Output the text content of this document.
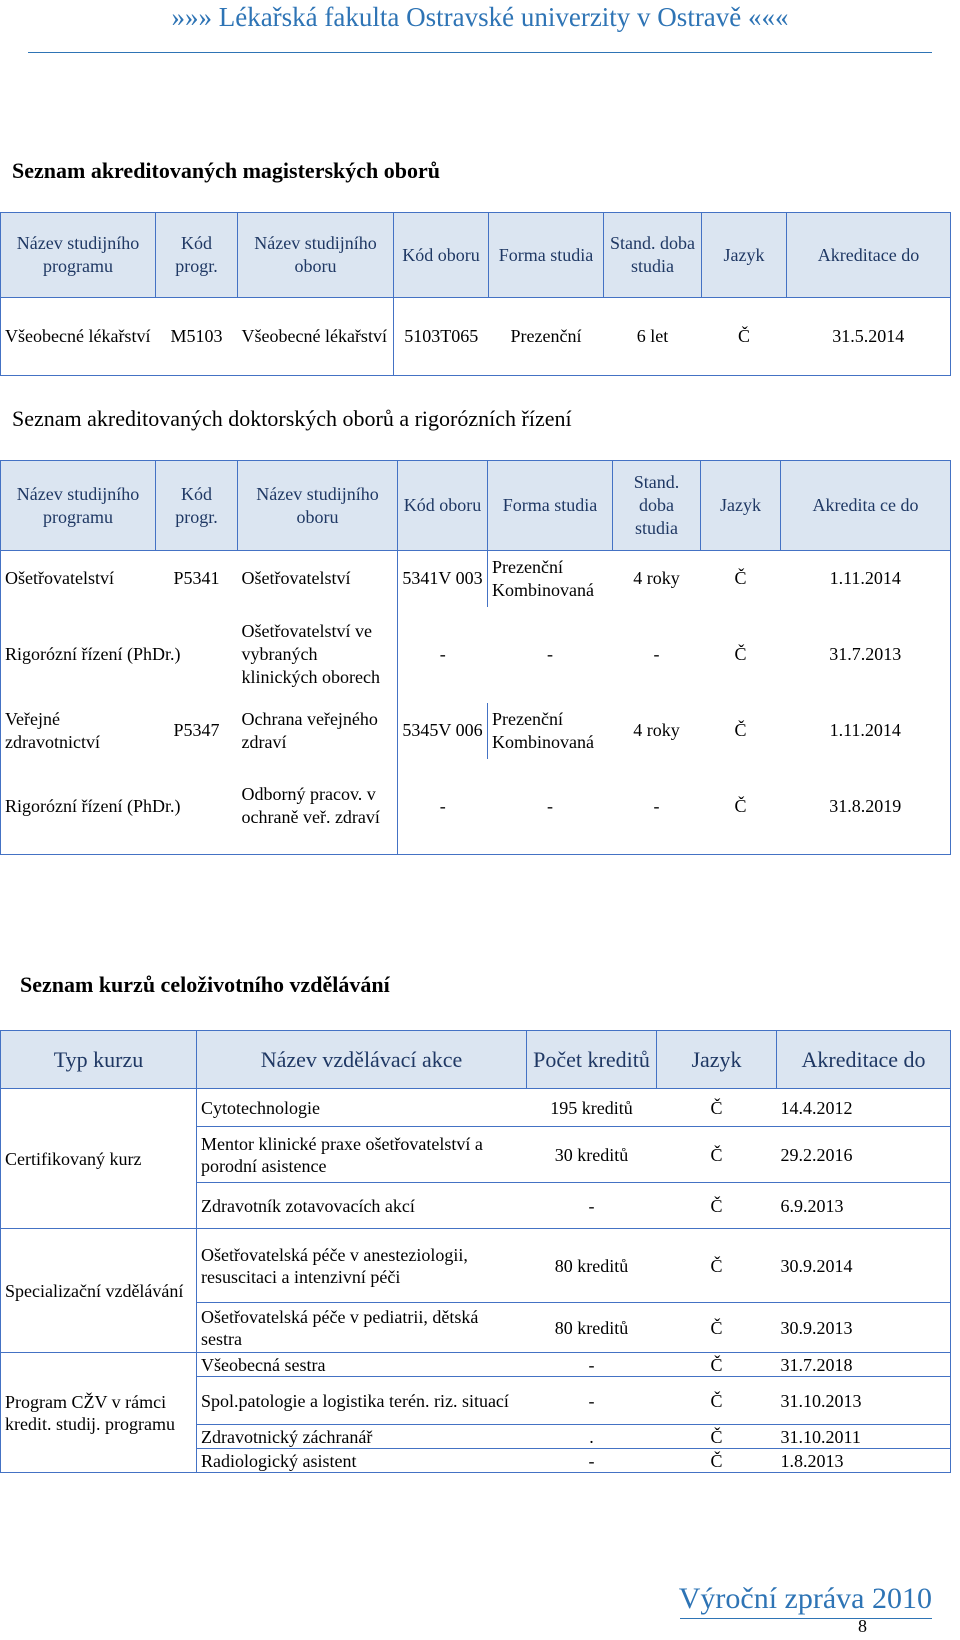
»»» Lékařská fakulta Ostravské univerzity v Ostravě «««
Seznam akreditovaných magisterských oborů
Název studijního programu	Kód progr.	Název studijního oboru	Kód oboru	Forma studia	Stand. doba studia	Jazyk	Akreditace do
Všeobecné lékařství	M5103	Všeobecné lékařství	5103T065	Prezenční	6 let	Č	31.5.2014
Seznam akreditovaných doktorských oborů a rigorózních řízení
Název studijního programu	Kód progr.	Název studijního oboru	Kód oboru	Forma studia	Stand. doba studia	Jazyk	Akredita ce do
Ošetřovatelství	P5341	Ošetřovatelství	5341V 003	Prezenční Kombinovaná	4 roky	Č	1.11.2014
Rigorózní řízení (PhDr.)		Ošetřovatelství ve vybraných klinických oborech	-	-	-	Č	31.7.2013
Veřejné zdravotnictví	P5347	Ochrana veřejného zdraví	5345V 006	Prezenční Kombinovaná	4 roky	Č	1.11.2014
Rigorózní řízení (PhDr.)		Odborný pracov. v ochraně veř. zdraví	-	-	-	Č	31.8.2019
Seznam kurzů celoživotního vzdělávání
Typ kurzu	Název vzdělávací akce	Počet kreditů	Jazyk	Akreditace do
Certifikovaný kurz	Cytotechnologie	195 kreditů	Č	14.4.2012
	Mentor klinické praxe ošetřovatelství a porodní asistence	30 kreditů	Č	29.2.2016
	Zdravotník zotavovacích akcí	-	Č	6.9.2013
Specializační vzdělávání	Ošetřovatelská péče v anesteziologii, resuscitaci a intenzivní péči	80 kreditů	Č	30.9.2014
	Ošetřovatelská péče v pediatrii, dětská sestra	80 kreditů	Č	30.9.2013
Program CŽV v rámci kredit. studij. programu	Všeobecná sestra	-	Č	31.7.2018
	Spol.patologie a logistika terén. riz. situací	-	Č	31.10.2013
	Zdravotnický záchranář	.	Č	31.10.2011
	Radiologický asistent	-	Č	1.8.2013
Výroční zpráva 2010
8
